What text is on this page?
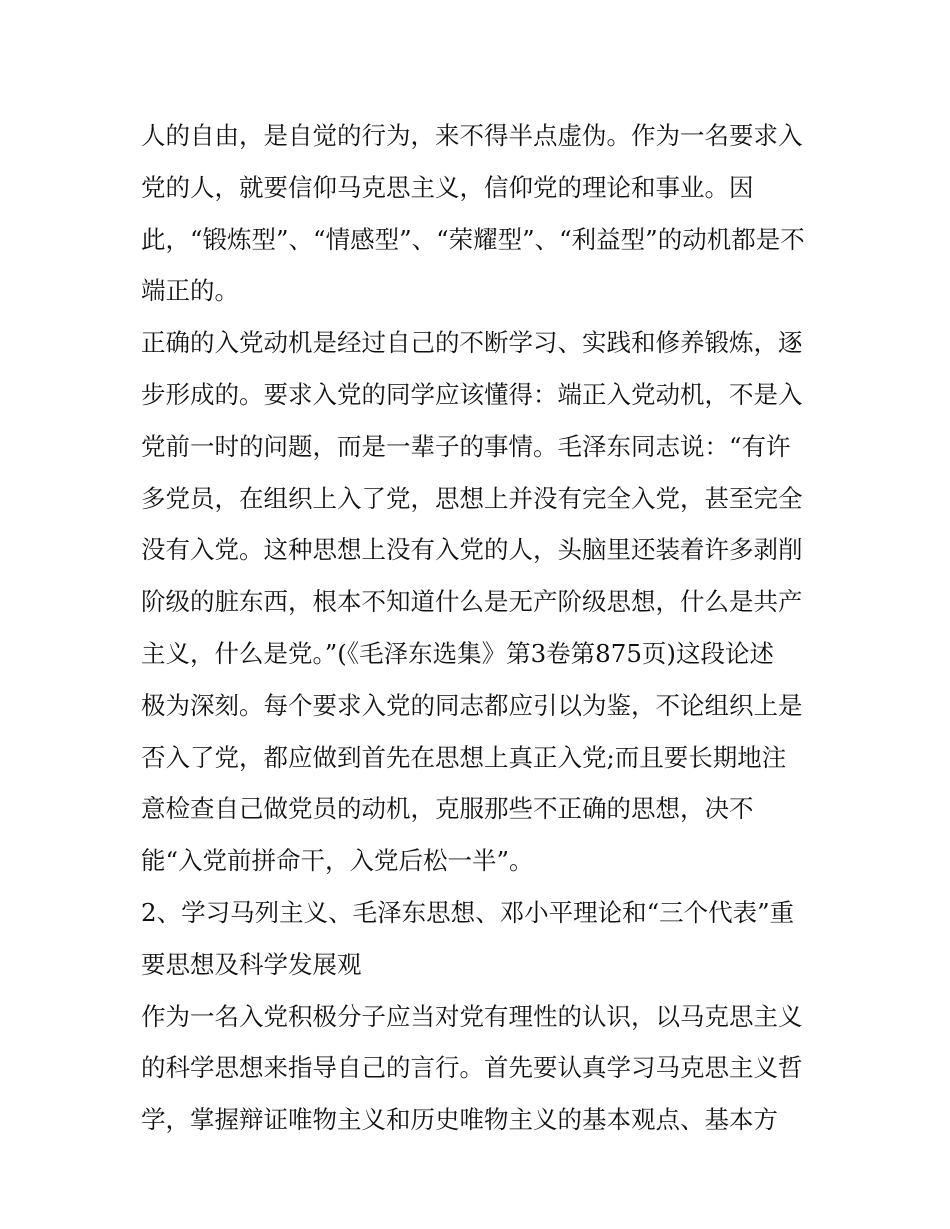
人的自由，是自觉的行为，来不得半点虚伪。作为一名要求入
党的人，就要信仰马克思主义，信仰党的理论和事业。因
此，“锻炼型”、“情感型”、“荣耀型”、“利益型”的动机都是不
端正的。
正确的入党动机是经过自己的不断学习、实践和修养锻炼，逐
步形成的。要求入党的同学应该懂得：端正入党动机，不是入
党前一时的问题，而是一辈子的事情。毛泽东同志说：“有许
多党员，在组织上入了党，思想上并没有完全入党，甚至完全
没有入党。这种思想上没有入党的人，头脑里还装着许多剥削
阶级的脏东西，根本不知道什么是无产阶级思想，什么是共产
主义，什么是党。”(《毛泽东选集》第3卷第875页)这段论述
极为深刻。每个要求入党的同志都应引以为鉴，不论组织上是
否入了党，都应做到首先在思想上真正入党;而且要长期地注
意检查自己做党员的动机，克服那些不正确的思想，决不
能“入党前拼命干，入党后松一半”。
2、学习马列主义、毛泽东思想、邓小平理论和“三个代表”重
要思想及科学发展观
作为一名入党积极分子应当对党有理性的认识，以马克思主义
的科学思想来指导自己的言行。首先要认真学习马克思主义哲
学，掌握辩证唯物主义和历史唯物主义的基本观点、基本方
